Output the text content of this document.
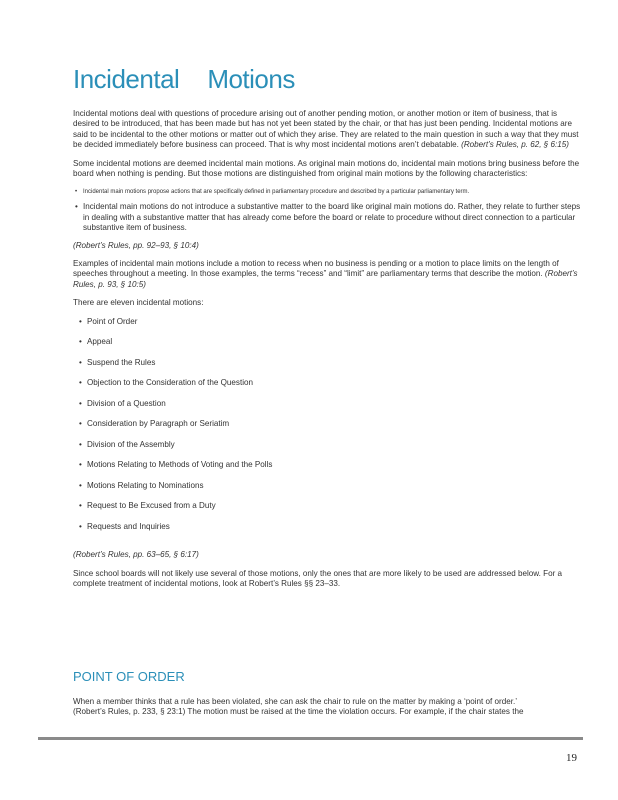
Incidental Motions

Incidental motions deal with questions of procedure arising out of another pending motion, or another motion or item of business, that is desired to be introduced, that has been made but has not yet been stated by the chair, or that has just been pending. Incidental motions are said to be incidental to the other motions or matter out of which they arise. They are related to the main question in such a way that they must be decided immediately before business can proceed. That is why most incidental motions aren’t debatable. (Robert’s Rules, p. 62, § 6:15)

Some incidental motions are deemed incidental main motions. As original main motions do, incidental main motions bring business before the board when nothing is pending. But those motions are distinguished from original main motions by the following characteristics:

• Incidental main motions propose actions that are specifically defined in parliamentary procedure and described by a particular parliamentary term.
• Incidental main motions do not introduce a substantive matter to the board like original main motions do. Rather, they relate to further steps in dealing with a substantive matter that has already come before the board or relate to procedure without direct connection to a particular substantive item of business.

(Robert’s Rules, pp. 92–93, § 10:4)

Examples of incidental main motions include a motion to recess when no business is pending or a motion to place limits on the length of speeches throughout a meeting. In those examples, the terms “recess” and “limit” are parliamentary terms that describe the motion. (Robert’s Rules, p. 93, § 10:5)

There are eleven incidental motions:

• Point of Order
• Appeal
• Suspend the Rules
• Objection to the Consideration of the Question
• Division of a Question
• Consideration by Paragraph or Seriatim
• Division of the Assembly
• Motions Relating to Methods of Voting and the Polls
• Motions Relating to Nominations
• Request to Be Excused from a Duty
• Requests and Inquiries

(Robert’s Rules, pp. 63–65, § 6:17)

Since school boards will not likely use several of those motions, only the ones that are more likely to be used are addressed below. For a complete treatment of incidental motions, look at Robert’s Rules §§ 23–33.

POINT OF ORDER
When a member thinks that a rule has been violated, she can ask the chair to rule on the matter by making a ‘point of order.’
(Robert’s Rules, p. 233, § 23:1) The motion must be raised at the time the violation occurs. For example, if the chair states the
19
